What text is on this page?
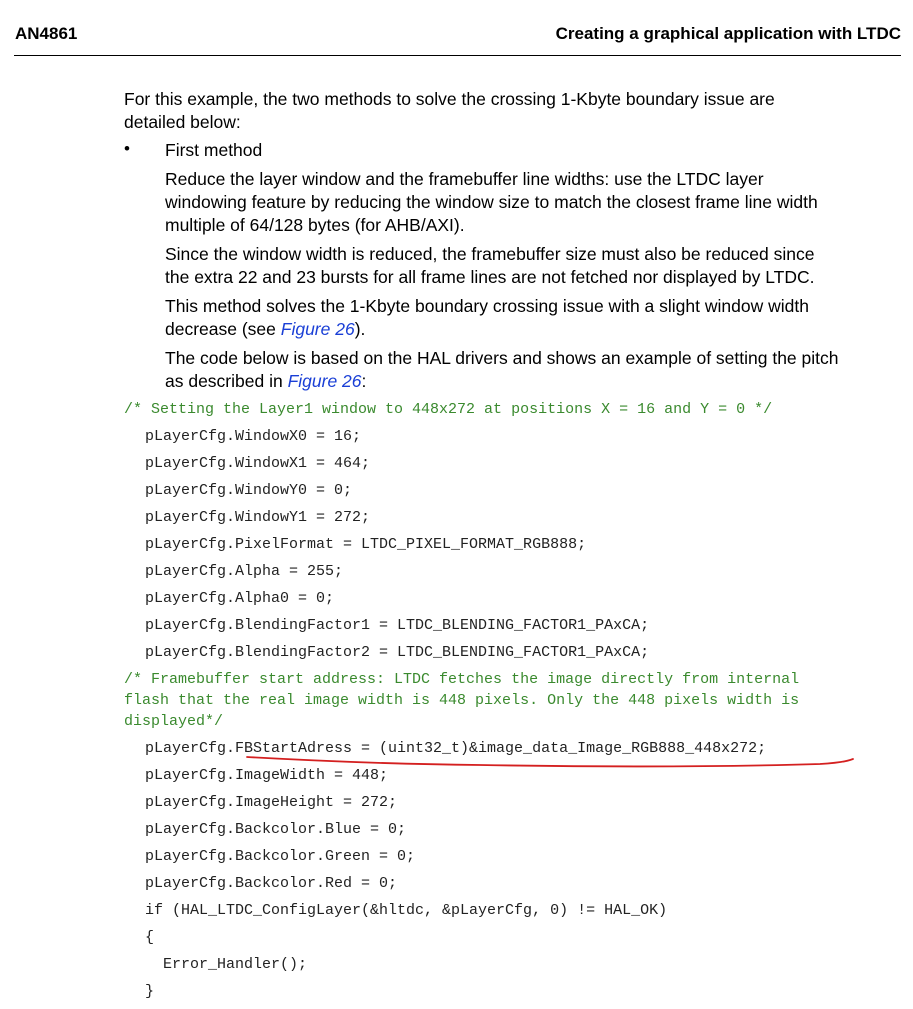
AN4861	Creating a graphical application with LTDC
For this example, the two methods to solve the crossing 1-Kbyte boundary issue are
detailed below:
• First method
Reduce the layer window and the framebuffer line widths: use the LTDC layer
windowing feature by reducing the window size to match the closest frame line width
multiple of 64/128 bytes (for AHB/AXI).
Since the window width is reduced, the framebuffer size must also be reduced since
the extra 22 and 23 bursts for all frame lines are not fetched nor displayed by LTDC.
This method solves the 1-Kbyte boundary crossing issue with a slight window width
decrease (see Figure 26).
The code below is based on the HAL drivers and shows an example of setting the pitch
as described in Figure 26:
/* Setting the Layer1 window to 448x272 at positions X = 16 and Y = 0 */
pLayerCfg.WindowX0 = 16;
pLayerCfg.WindowX1 = 464;
pLayerCfg.WindowY0 = 0;
pLayerCfg.WindowY1 = 272;
pLayerCfg.PixelFormat = LTDC_PIXEL_FORMAT_RGB888;
pLayerCfg.Alpha = 255;
pLayerCfg.Alpha0 = 0;
pLayerCfg.BlendingFactor1 = LTDC_BLENDING_FACTOR1_PAxCA;
pLayerCfg.BlendingFactor2 = LTDC_BLENDING_FACTOR1_PAxCA;
/* Framebuffer start address: LTDC fetches the image directly from internal
flash that the real image width is 448 pixels. Only the 448 pixels width is
displayed*/
pLayerCfg.FBStartAdress = (uint32_t)&image_data_Image_RGB888_448x272;
pLayerCfg.ImageWidth = 448;
pLayerCfg.ImageHeight = 272;
pLayerCfg.Backcolor.Blue = 0;
pLayerCfg.Backcolor.Green = 0;
pLayerCfg.Backcolor.Red = 0;
if (HAL_LTDC_ConfigLayer(&hltdc, &pLayerCfg, 0) != HAL_OK)
{
Error_Handler();
}
